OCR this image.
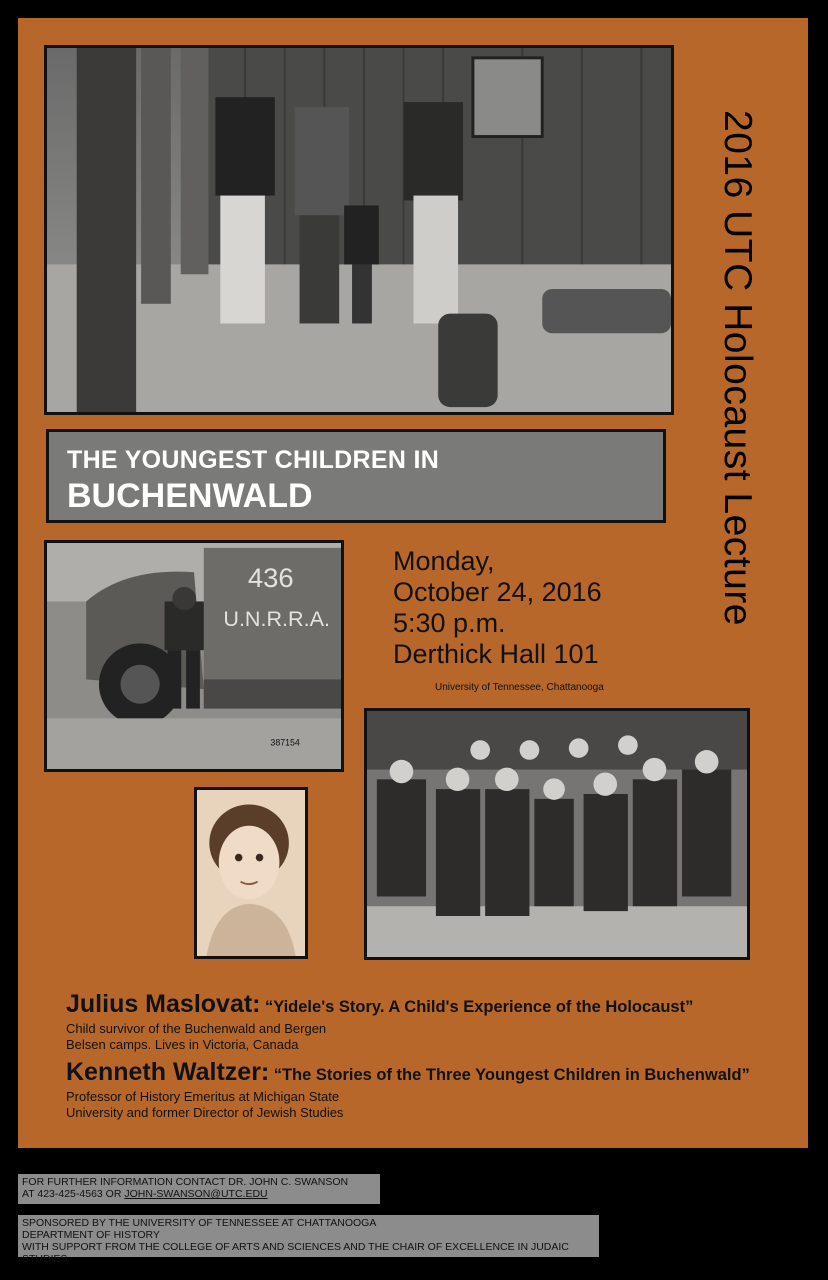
2016 UTC Holocaust Lecture
THE YOUNGEST CHILDREN IN
BUCHENWALD
436
U.N.R.R.A.
387154
Monday,
October 24, 2016
5:30 p.m.
Derthick Hall 101
University of Tennessee, Chattanooga
Julius Maslovat: “Yidele's Story. A Child's Experience of the Holocaust”
Child survivor of the Buchenwald and Bergen
Belsen camps. Lives in Victoria, Canada
Kenneth Waltzer: “The Stories of the Three Youngest Children in Buchenwald”
Professor of History Emeritus at Michigan State
University and former Director of Jewish Studies
FOR FURTHER INFORMATION CONTACT DR. JOHN C. SWANSON
AT 423-425-4563 OR JOHN-SWANSON@UTC.EDU
SPONSORED BY THE UNIVERSITY OF TENNESSEE AT CHATTANOOGA
DEPARTMENT OF HISTORY
WITH SUPPORT FROM THE COLLEGE OF ARTS AND SCIENCES AND THE CHAIR OF EXCELLENCE IN JUDAIC STUDIES
